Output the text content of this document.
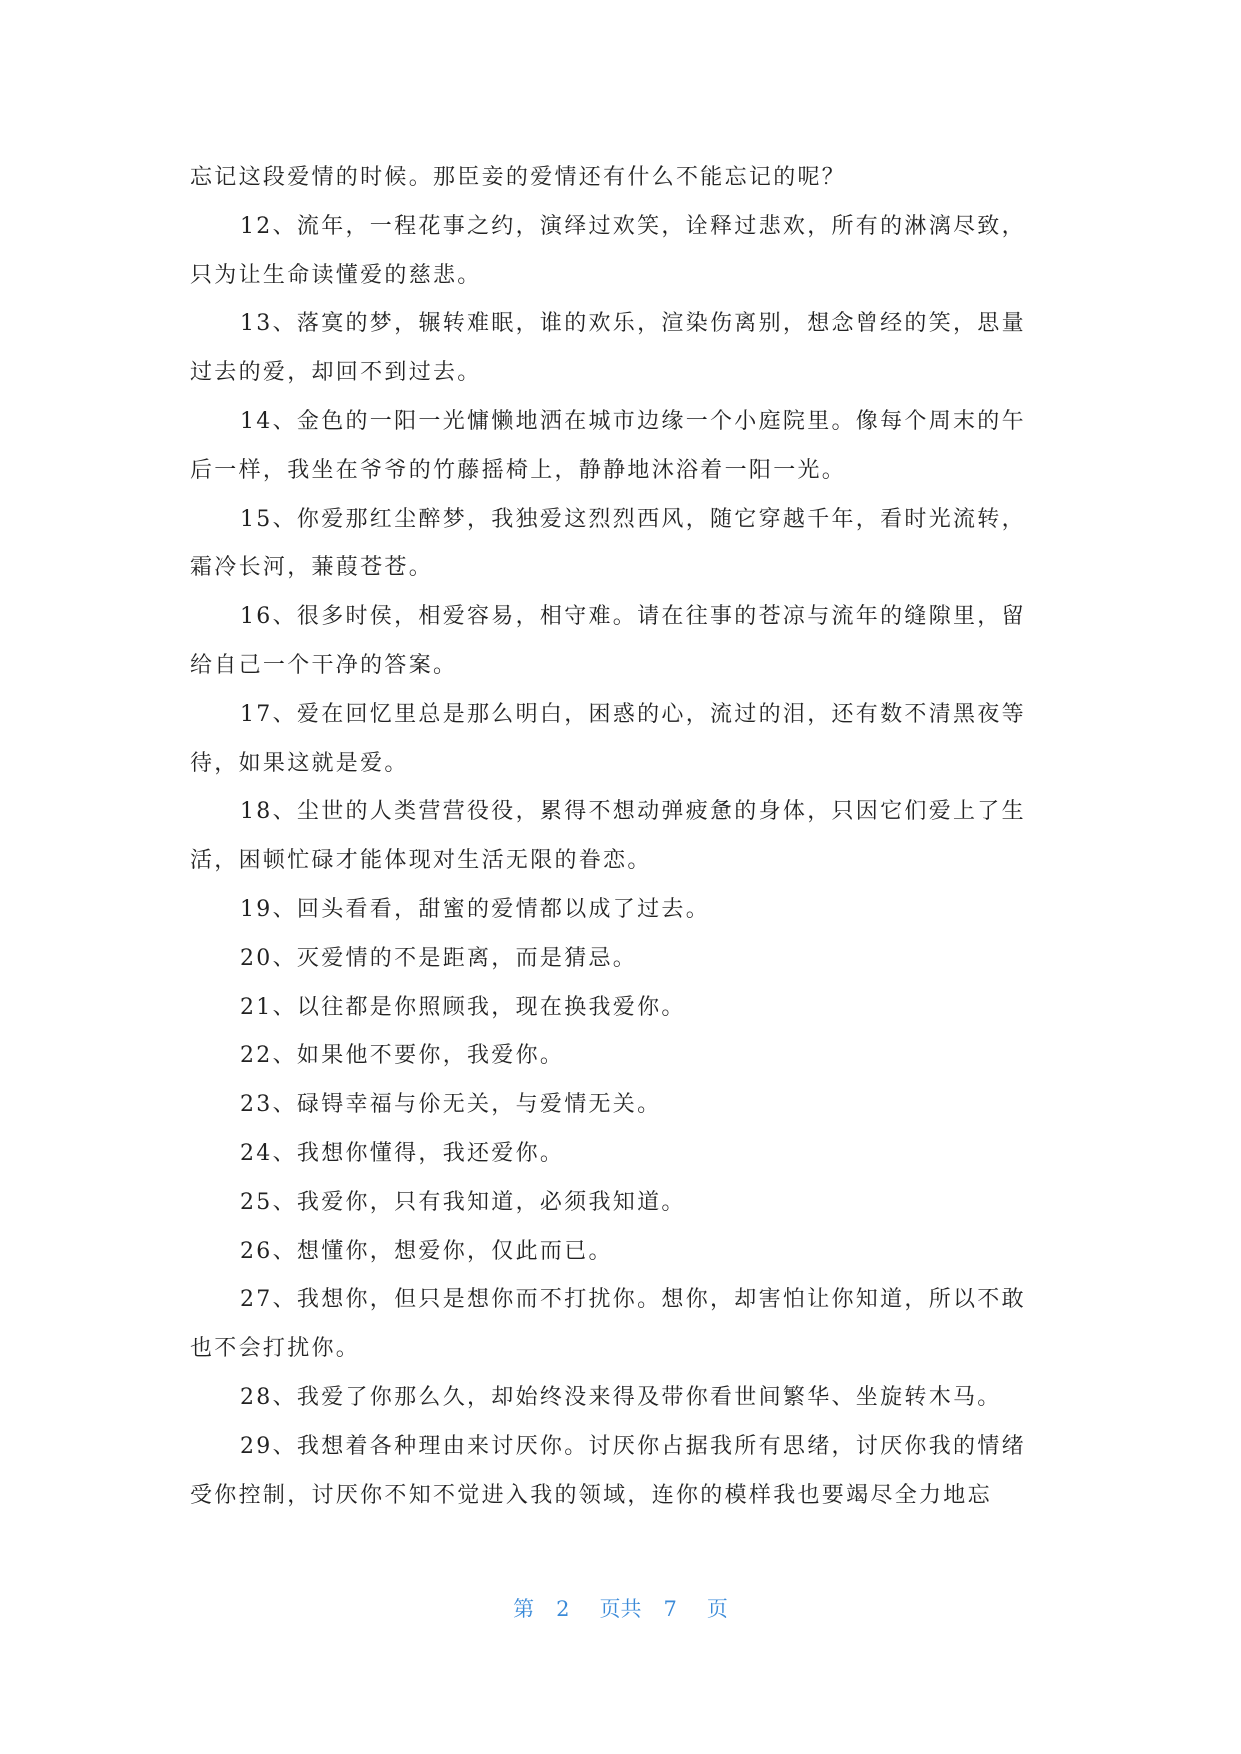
忘记这段爱情的时候。那臣妾的爱情还有什么不能忘记的呢？
12、流年，一程花事之约，演绎过欢笑，诠释过悲欢，所有的淋漓尽致，
只为让生命读懂爱的慈悲。
13、落寞的梦，辗转难眠，谁的欢乐，渲染伤离别，想念曾经的笑，思量
过去的爱，却回不到过去。
14、金色的一阳一光慵懒地洒在城市边缘一个小庭院里。像每个周末的午
后一样，我坐在爷爷的竹藤摇椅上，静静地沐浴着一阳一光。
15、你爱那红尘醉梦，我独爱这烈烈西风，随它穿越千年，看时光流转，
霜冷长河，蒹葭苍苍。
16、很多时侯，相爱容易，相守难。请在往事的苍凉与流年的缝隙里，留
给自己一个干净的答案。
17、爱在回忆里总是那么明白，困惑的心，流过的泪，还有数不清黑夜等
待，如果这就是爱。
18、尘世的人类营营役役，累得不想动弹疲惫的身体，只因它们爱上了生
活，困顿忙碌才能体现对生活无限的眷恋。
19、回头看看，甜蜜的爱情都以成了过去。
20、灭爱情的不是距离，而是猜忌。
21、以往都是你照顾我，现在换我爱你。
22、如果他不要你，我爱你。
23、碌锝幸福与伱无关，与爱情无关。
24、我想你懂得，我还爱你。
25、我爱你，只有我知道，必须我知道。
26、想懂你，想爱你，仅此而已。
27、我想你，但只是想你而不打扰你。想你，却害怕让你知道，所以不敢
也不会打扰你。
28、我爱了你那么久，却始终没来得及带你看世间繁华、坐旋转木马。
29、我想着各种理由来讨厌你。讨厌你占据我所有思绪，讨厌你我的情绪
受你控制，讨厌你不知不觉进入我的领域，连你的模样我也要竭尽全力地忘
第 2 页共 7 页
